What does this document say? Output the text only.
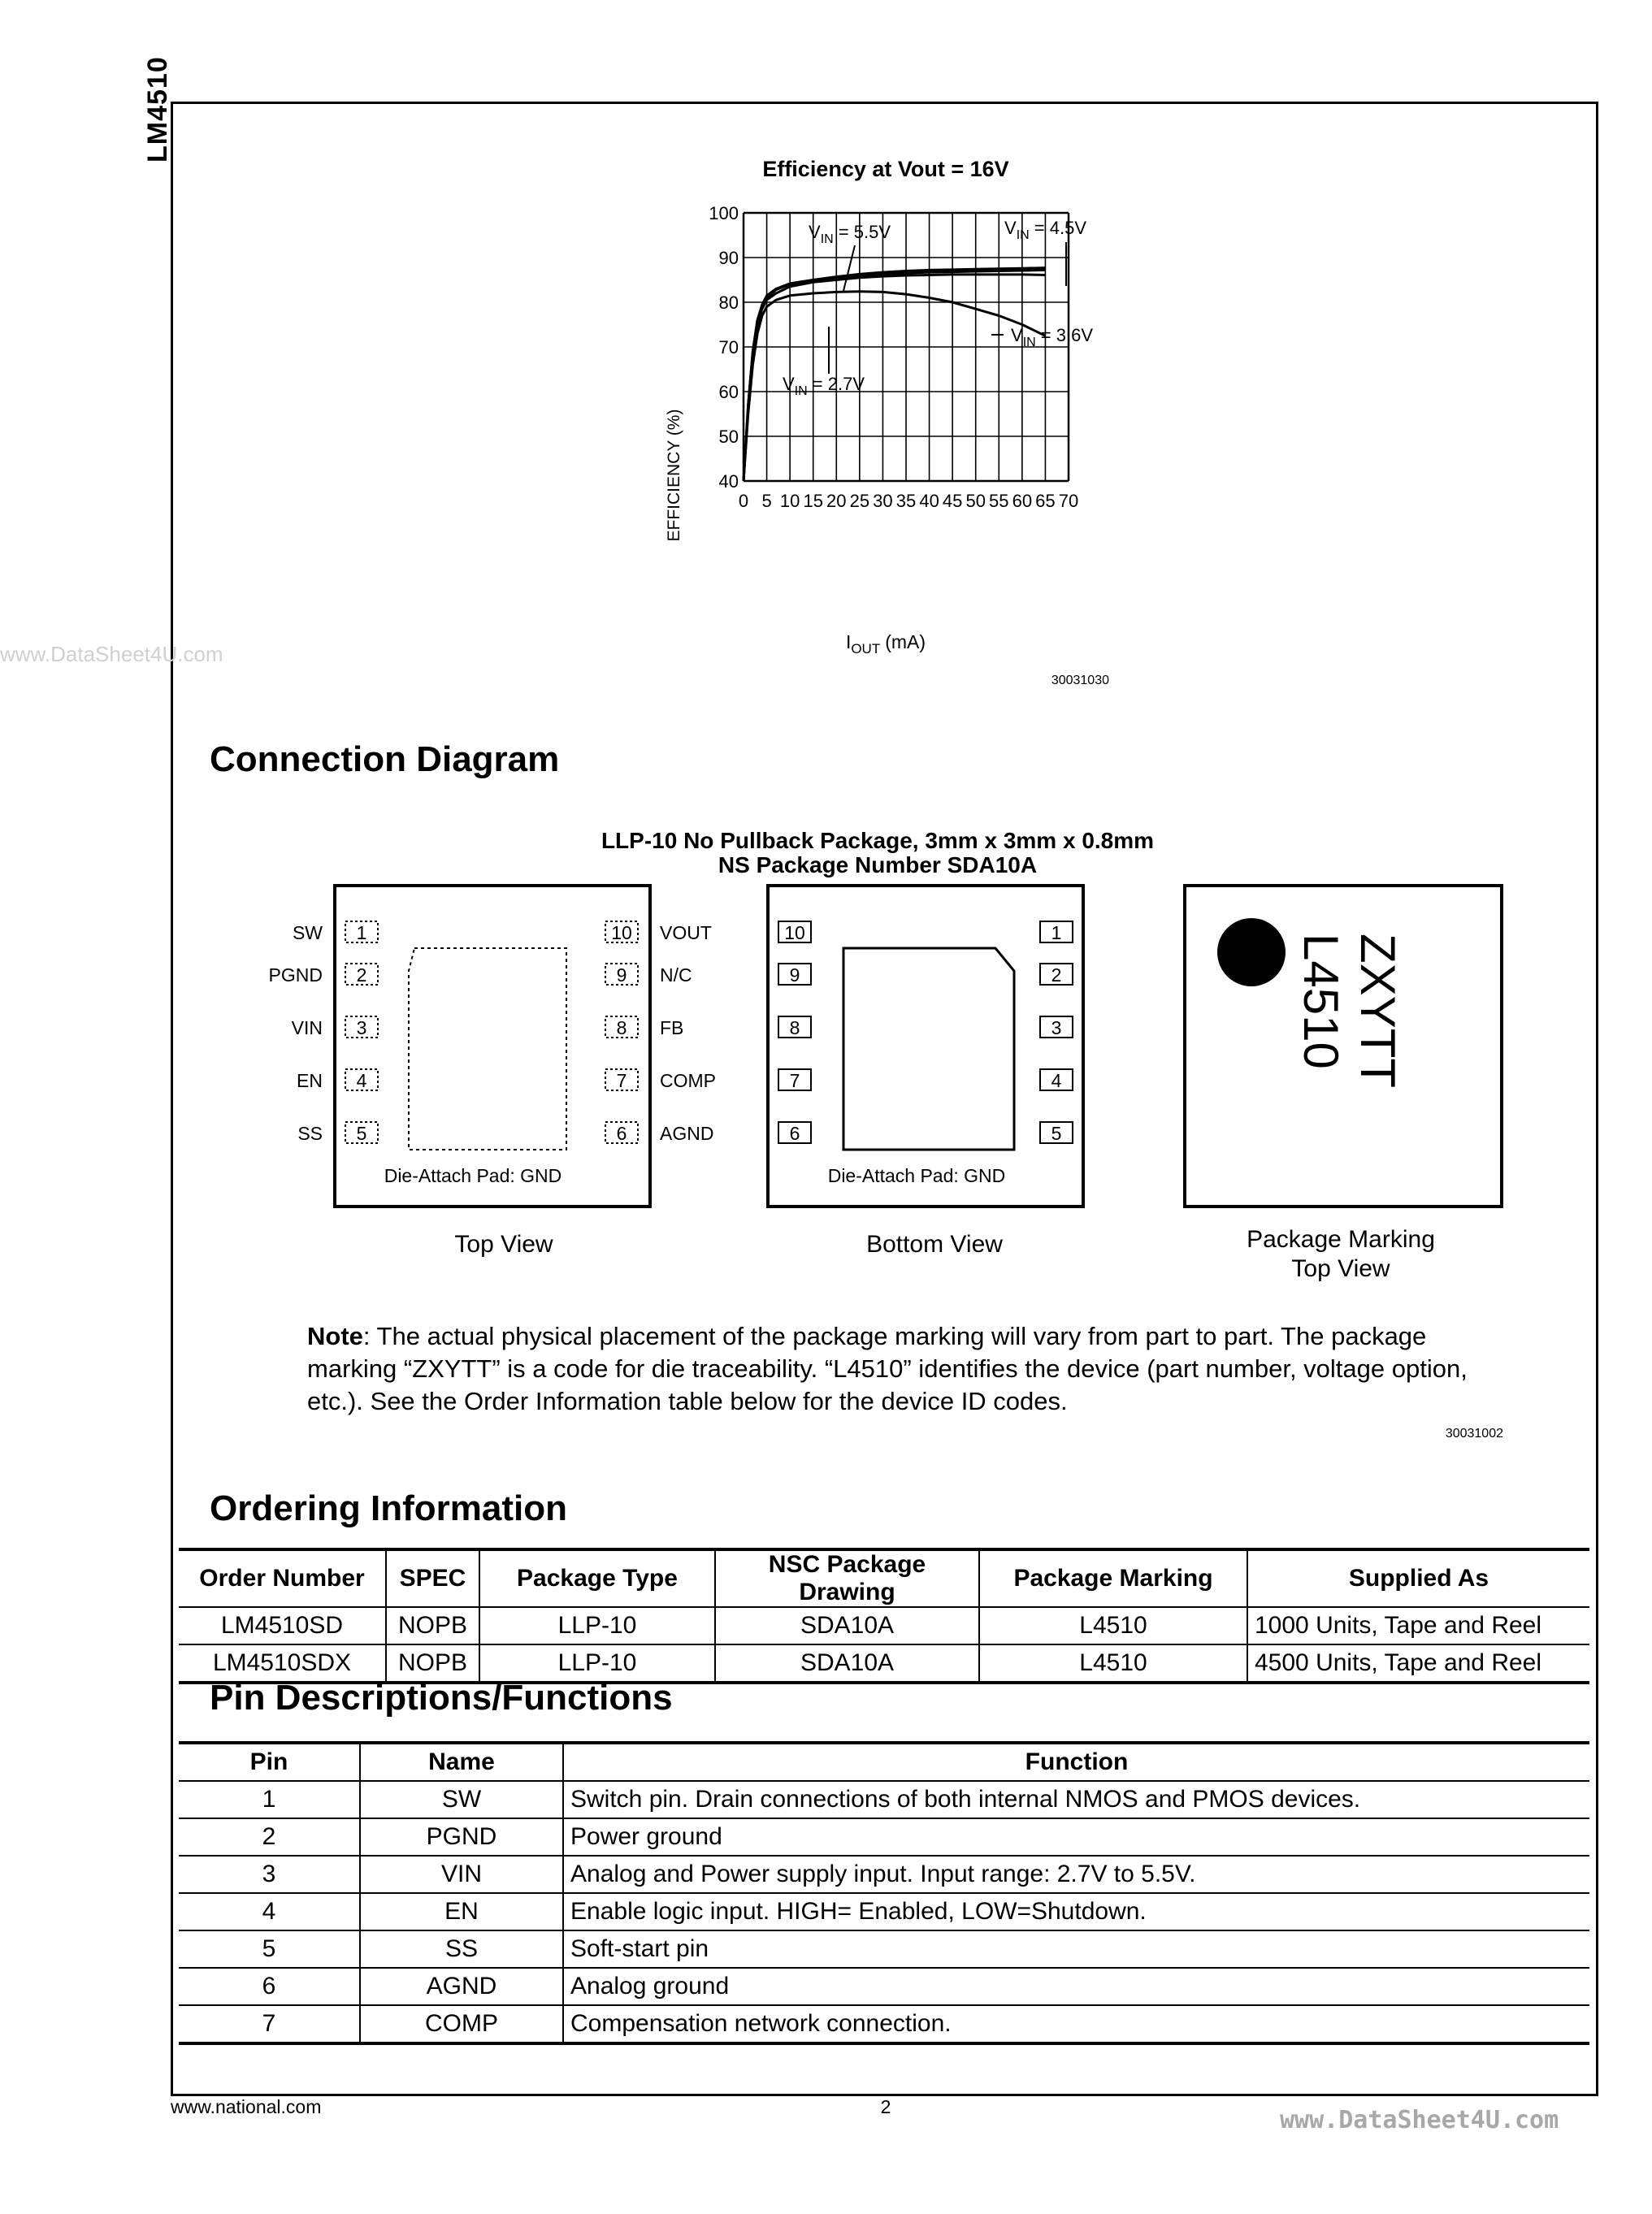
LM4510
www.DataSheet4U.com
Efficiency at Vout = 16V
40
50
60
70
80
90
100
0 5 10 15 20 25 30 35 40 45 50 55 60 65 70
EFFICIENCY (%)
$I_{OUT}$ (mA)
30031030
$V_{IN} = 5.5V$	$V_{IN} = 4.5V$
$V_{IN} = 3.6V$
$V_{IN} = 2.7V$
Connection Diagram
LLP-10 No Pullback Package, 3mm x 3mm x 0.8mm
NS Package Number SDA10A
1
SW
2
PGND
3
VIN
4
EN
5
SS
10 VOUT
9 N/C
8 FB
7 COMP
6 AGND
Die-Attach Pad: GND
10
9
8
7
6
1
2
3
4
5
Die-Attach Pad: GND
ZXYTT
L4510
Top View	Bottom View	Package Marking
Top View
Note: The actual physical placement of the package marking will vary from part to part. The package marking “ZXYTT” is a code for die traceability. “L4510” identifies the device (part number, voltage option, etc.). See the Order Information table below for the device ID codes.
30031002
Ordering Information
Order Number	SPEC	Package Type	NSC Package Drawing	Package Marking	Supplied As
LM4510SD	NOPB	LLP-10	SDA10A	L4510	1000 Units, Tape and Reel
LM4510SDX	NOPB	LLP-10	SDA10A	L4510	4500 Units, Tape and Reel
Pin Descriptions/Functions
Pin	Name	Function
1	SW	Switch pin. Drain connections of both internal NMOS and PMOS devices.
2	PGND	Power ground
3	VIN	Analog and Power supply input. Input range: 2.7V to 5.5V.
4	EN	Enable logic input. HIGH= Enabled, LOW=Shutdown.
5	SS	Soft-start pin
6	AGND	Analog ground
7	COMP	Compensation network connection.
www.national.com	2	www.DataSheet4U.com
